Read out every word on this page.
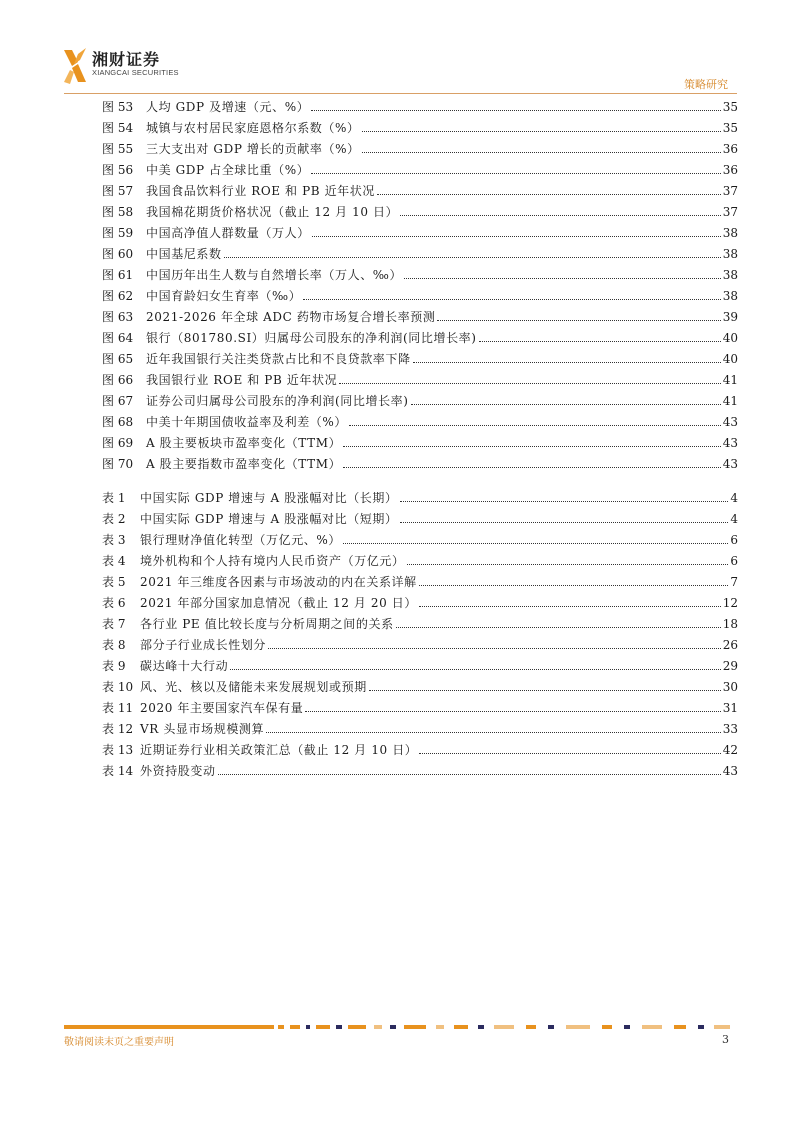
湘财证券
XIANGCAI SECURITIES
策略研究
图 53	人均 GDP 及增速（元、%）	35
图 54	城镇与农村居民家庭恩格尔系数（%）	35
图 55	三大支出对 GDP 增长的贡献率（%）	36
图 56	中美 GDP 占全球比重（%）	36
图 57	我国食品饮料行业 ROE 和 PB 近年状况	37
图 58	我国棉花期货价格状况（截止 12 月 10 日）	37
图 59	中国高净值人群数量（万人）	38
图 60	中国基尼系数	38
图 61	中国历年出生人数与自然增长率（万人、‰）	38
图 62	中国育龄妇女生育率（‰）	38
图 63	2021-2026 年全球 ADC 药物市场复合增长率预测	39
图 64	银行（801780.SI）归属母公司股东的净利润(同比增长率)	40
图 65	近年我国银行关注类贷款占比和不良贷款率下降	40
图 66	我国银行业 ROE 和 PB 近年状况	41
图 67	证券公司归属母公司股东的净利润(同比增长率)	41
图 68	中美十年期国债收益率及利差（%）	43
图 69	A 股主要板块市盈率变化（TTM）	43
图 70	A 股主要指数市盈率变化（TTM）	43
表 1	中国实际 GDP 增速与 A 股涨幅对比（长期）	4
表 2	中国实际 GDP 增速与 A 股涨幅对比（短期）	4
表 3	银行理财净值化转型（万亿元、%）	6
表 4	境外机构和个人持有境内人民币资产（万亿元）	6
表 5	2021 年三维度各因素与市场波动的内在关系详解	7
表 6	2021 年部分国家加息情况（截止 12 月 20 日）	12
表 7	各行业 PE 值比较长度与分析周期之间的关系	18
表 8	部分子行业成长性划分	26
表 9	碳达峰十大行动	29
表 10 风、光、核以及储能未来发展规划或预期	30
表 11 2020 年主要国家汽车保有量	31
表 12 VR 头显市场规模测算	33
表 13 近期证券行业相关政策汇总（截止 12 月 10 日）	42
表 14 外资持股变动	43
敬请阅读末页之重要声明	3
